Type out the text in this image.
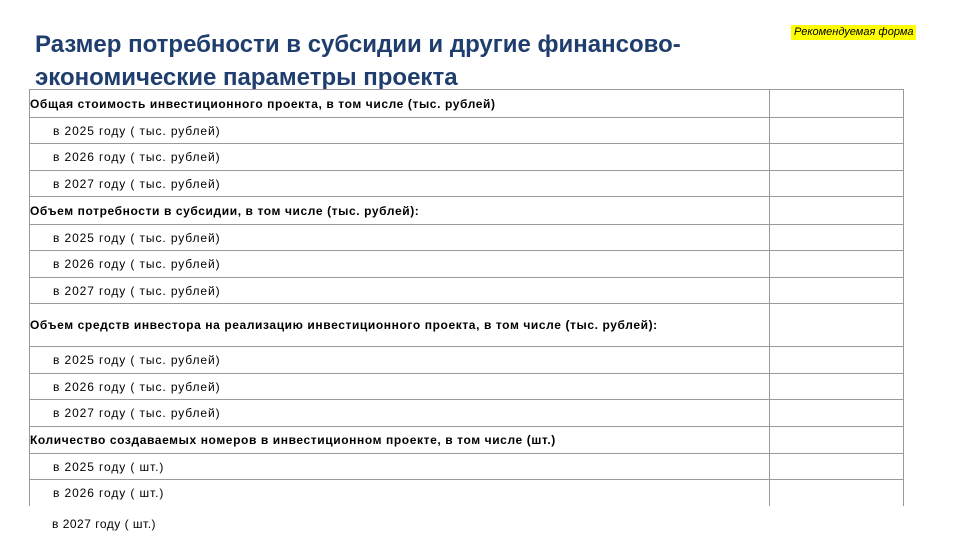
Размер потребности в субсидии и другие финансово-экономические параметры проекта
Рекомендуемая форма
Общая стоимость инвестиционного проекта, в том числе (тыс. рублей)	
в 2025 году ( тыс. рублей)	
в 2026 году ( тыс. рублей)	
в 2027 году ( тыс. рублей)	
Объем потребности в субсидии, в том числе (тыс. рублей):	
в 2025 году ( тыс. рублей)	
в 2026 году ( тыс. рублей)	
в 2027 году ( тыс. рублей)	
Объем средств инвестора на реализацию инвестиционного проекта, в том числе (тыс. рублей):	
в 2025 году ( тыс. рублей)	
в 2026 году ( тыс. рублей)	
в 2027 году ( тыс. рублей)	
Количество создаваемых номеров в инвестиционном проекте, в том числе (шт.)	
в 2025 году ( шт.)	
в 2026 году ( шт.)	
в 2027 году ( шт.)
